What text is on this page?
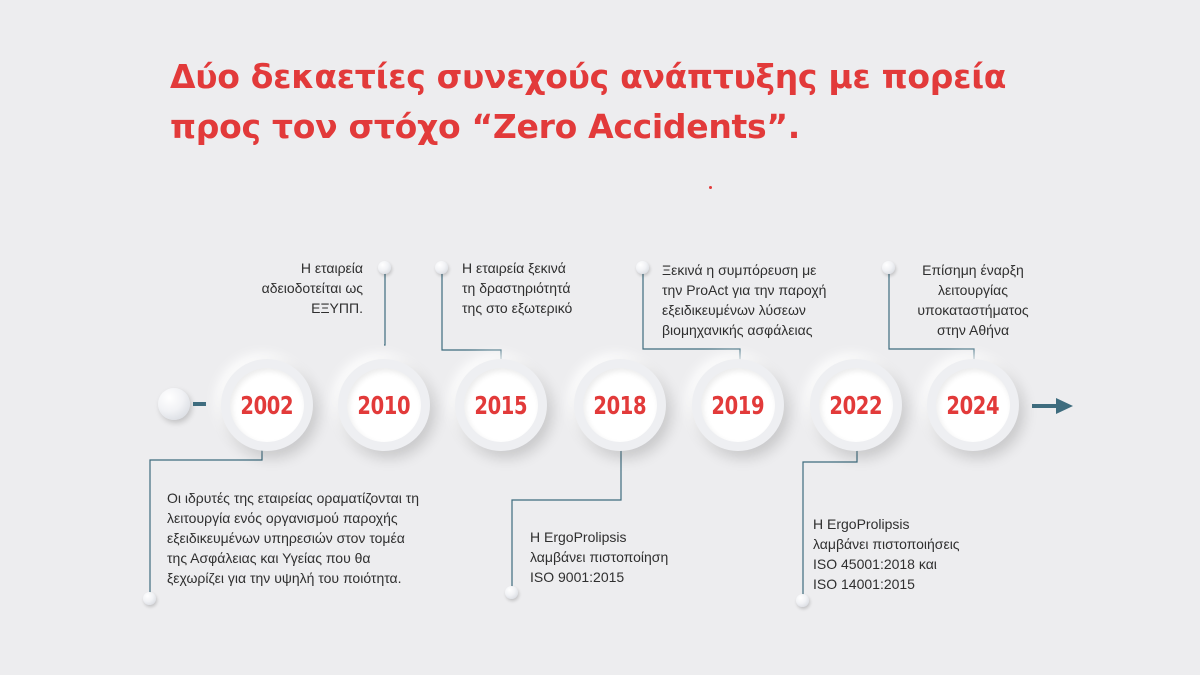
Δύο δεκαετίες συνεχούς ανάπτυξης με πορεία
προς τον στόχο “Zero Accidents”.
2002	2010	2015	2018	2019	2022	2024

Η εταιρεία
αδειοδοτείται ως
ΕΞΥΠΠ.

Η εταιρεία ξεκινά
τη δραστηριότητά
της στο εξωτερικό

Ξεκινά η συμπόρευση με
την ProAct για την παροχή
εξειδικευμένων λύσεων
βιομηχανικής ασφάλειας

Επίσημη έναρξη
λειτουργίας
υποκαταστήματος
στην Αθήνα

Οι ιδρυτές της εταιρείας οραματίζονται τη
λειτουργία ενός οργανισμού παροχής
εξειδικευμένων υπηρεσιών στον τομέα
της Ασφάλειας και Υγείας που θα
ξεχωρίζει για την υψηλή του ποιότητα.

Η ErgoProlipsis
λαμβάνει πιστοποίηση
ISO 9001:2015

Η ErgoProlipsis
λαμβάνει πιστοποιήσεις
ISO 45001:2018 και
ISO 14001:2015
